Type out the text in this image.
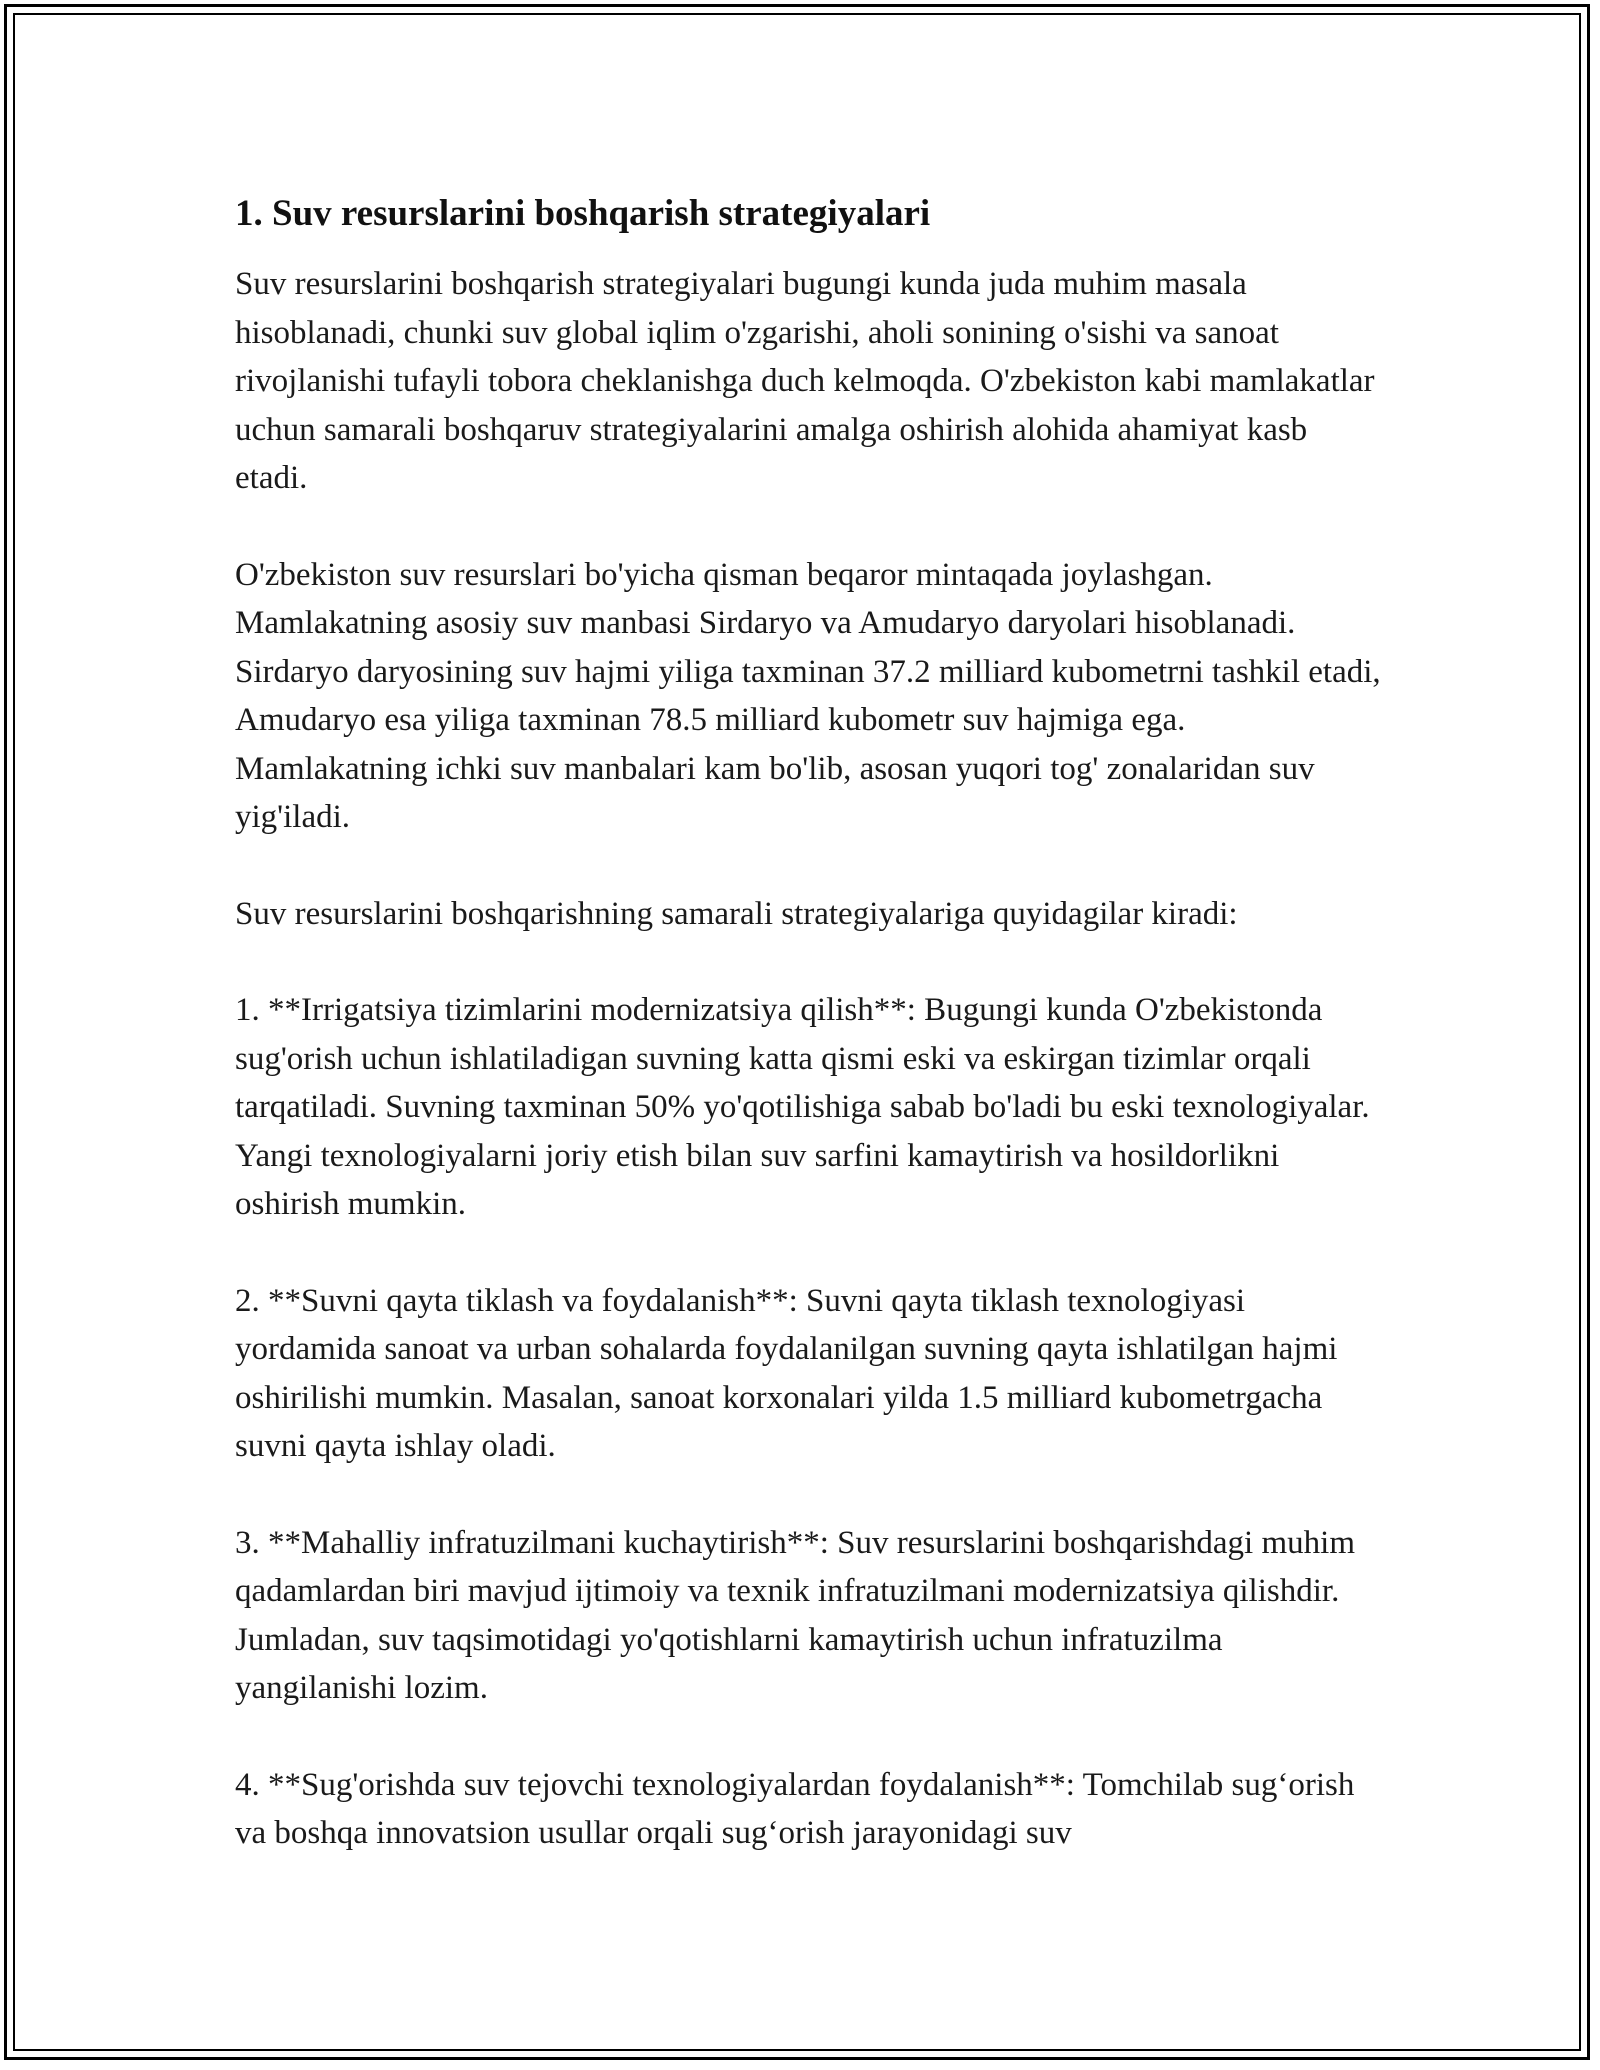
1. Suv resurslarini boshqarish strategiyalari

Suv resurslarini boshqarish strategiyalari bugungi kunda juda muhim masala hisoblanadi, chunki suv global iqlim o'zgarishi, aholi sonining o'sishi va sanoat rivojlanishi tufayli tobora cheklanishga duch kelmoqda. O'zbekiston kabi mamlakatlar uchun samarali boshqaruv strategiyalarini amalga oshirish alohida ahamiyat kasb etadi.

O'zbekiston suv resurslari bo'yicha qisman beqaror mintaqada joylashgan. Mamlakatning asosiy suv manbasi Sirdaryo va Amudaryo daryolari hisoblanadi. Sirdaryo daryosining suv hajmi yiliga taxminan 37.2 milliard kubometrni tashkil etadi, Amudaryo esa yiliga taxminan 78.5 milliard kubometr suv hajmiga ega. Mamlakatning ichki suv manbalari kam bo'lib, asosan yuqori tog' zonalaridan suv yig'iladi.

Suv resurslarini boshqarishning samarali strategiyalariga quyidagilar kiradi:

1. **Irrigatsiya tizimlarini modernizatsiya qilish**: Bugungi kunda O'zbekistonda sug'orish uchun ishlatiladigan suvning katta qismi eski va eskirgan tizimlar orqali tarqatiladi. Suvning taxminan 50% yo'qotilishiga sabab bo'ladi bu eski texnologiyalar. Yangi texnologiyalarni joriy etish bilan suv sarfini kamaytirish va hosildorlikni oshirish mumkin.

2. **Suvni qayta tiklash va foydalanish**: Suvni qayta tiklash texnologiyasi yordamida sanoat va urban sohalarda foydalanilgan suvning qayta ishlatilgan hajmi oshirilishi mumkin. Masalan, sanoat korxonalari yilda 1.5 milliard kubometrgacha suvni qayta ishlay oladi.

3. **Mahalliy infratuzilmani kuchaytirish**: Suv resurslarini boshqarishdagi muhim qadamlardan biri mavjud ijtimoiy va texnik infratuzilmani modernizatsiya qilishdir. Jumladan, suv taqsimotidagi yo'qotishlarni kamaytirish uchun infratuzilma yangilanishi lozim.

4. **Sug'orishda suv tejovchi texnologiyalardan foydalanish**: Tomchilab sug‘orish va boshqa innovatsion usullar orqali sug‘orish jarayonidagi suv
